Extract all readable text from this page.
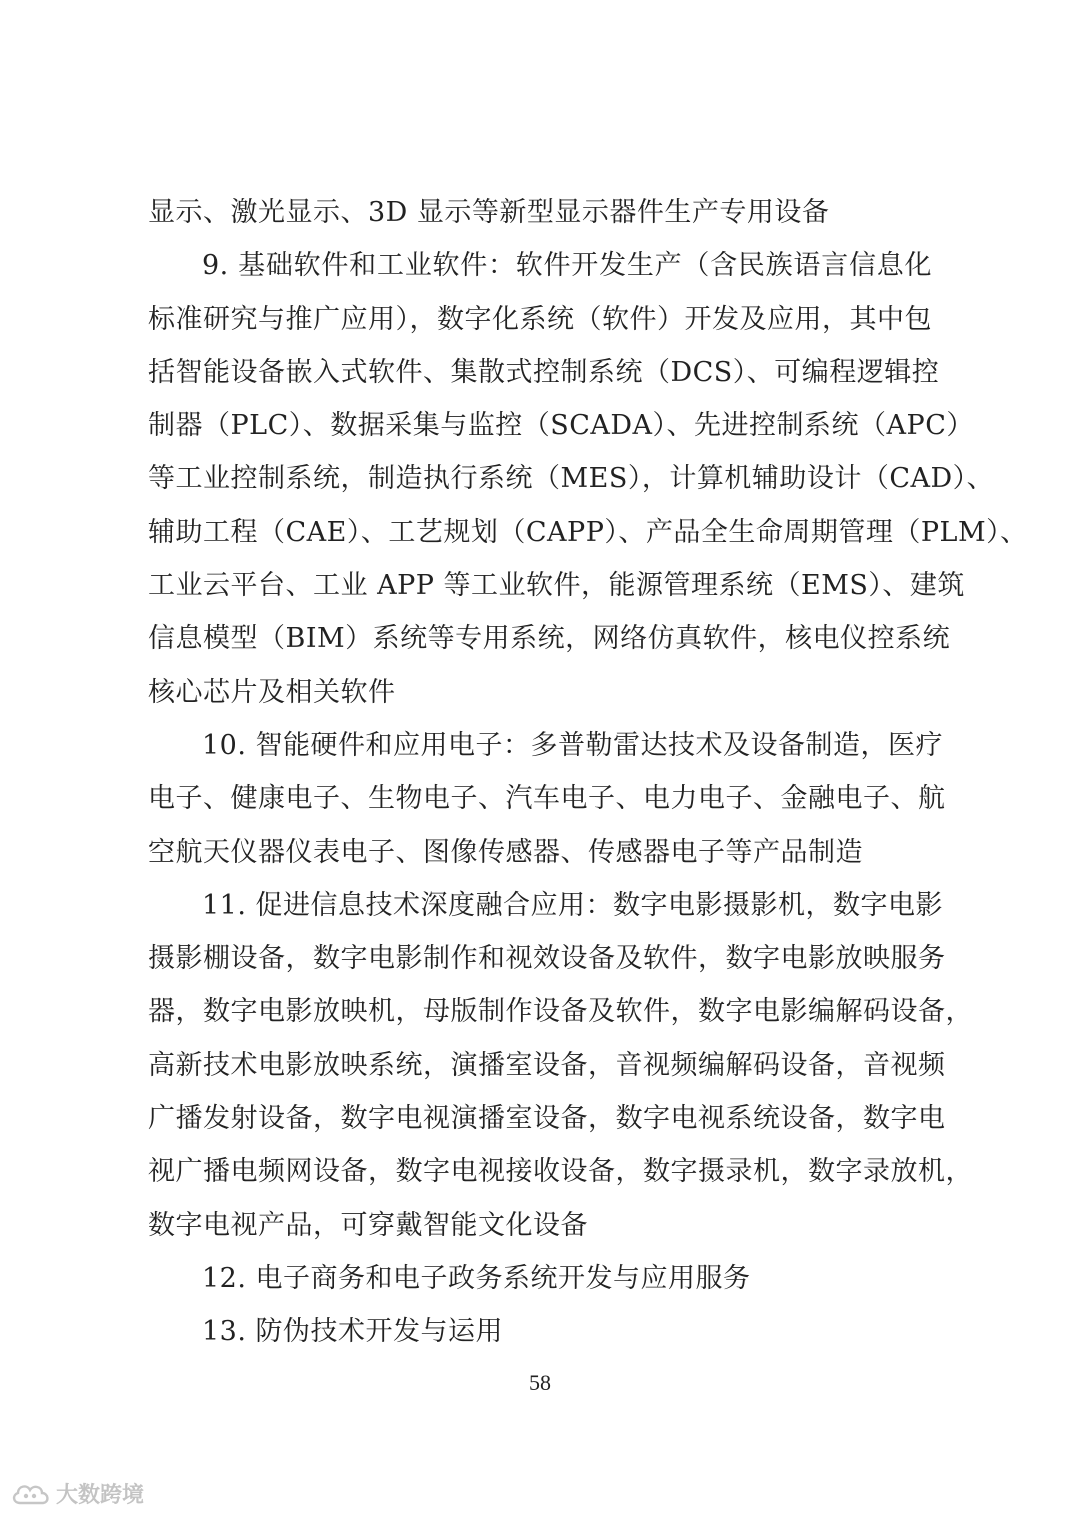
显示、激光显示、3D 显示等新型显示器件生产专用设备
9. 基础软件和工业软件：软件开发生产（含民族语言信息化
标准研究与推广应用），数字化系统（软件）开发及应用，其中包
括智能设备嵌入式软件、集散式控制系统（DCS）、可编程逻辑控
制器（PLC）、数据采集与监控（SCADA）、先进控制系统（APC）
等工业控制系统，制造执行系统（MES），计算机辅助设计（CAD）、
辅助工程（CAE）、工艺规划（CAPP）、产品全生命周期管理（PLM）、
工业云平台、工业 APP 等工业软件，能源管理系统（EMS）、建筑
信息模型（BIM）系统等专用系统，网络仿真软件，核电仪控系统
核心芯片及相关软件
10. 智能硬件和应用电子：多普勒雷达技术及设备制造，医疗
电子、健康电子、生物电子、汽车电子、电力电子、金融电子、航
空航天仪器仪表电子、图像传感器、传感器电子等产品制造
11. 促进信息技术深度融合应用：数字电影摄影机，数字电影
摄影棚设备，数字电影制作和视效设备及软件，数字电影放映服务
器，数字电影放映机，母版制作设备及软件，数字电影编解码设备，
高新技术电影放映系统，演播室设备，音视频编解码设备，音视频
广播发射设备，数字电视演播室设备，数字电视系统设备，数字电
视广播电频网设备，数字电视接收设备，数字摄录机，数字录放机，
数字电视产品，可穿戴智能文化设备
12. 电子商务和电子政务系统开发与应用服务
13. 防伪技术开发与运用
58
大数跨境
